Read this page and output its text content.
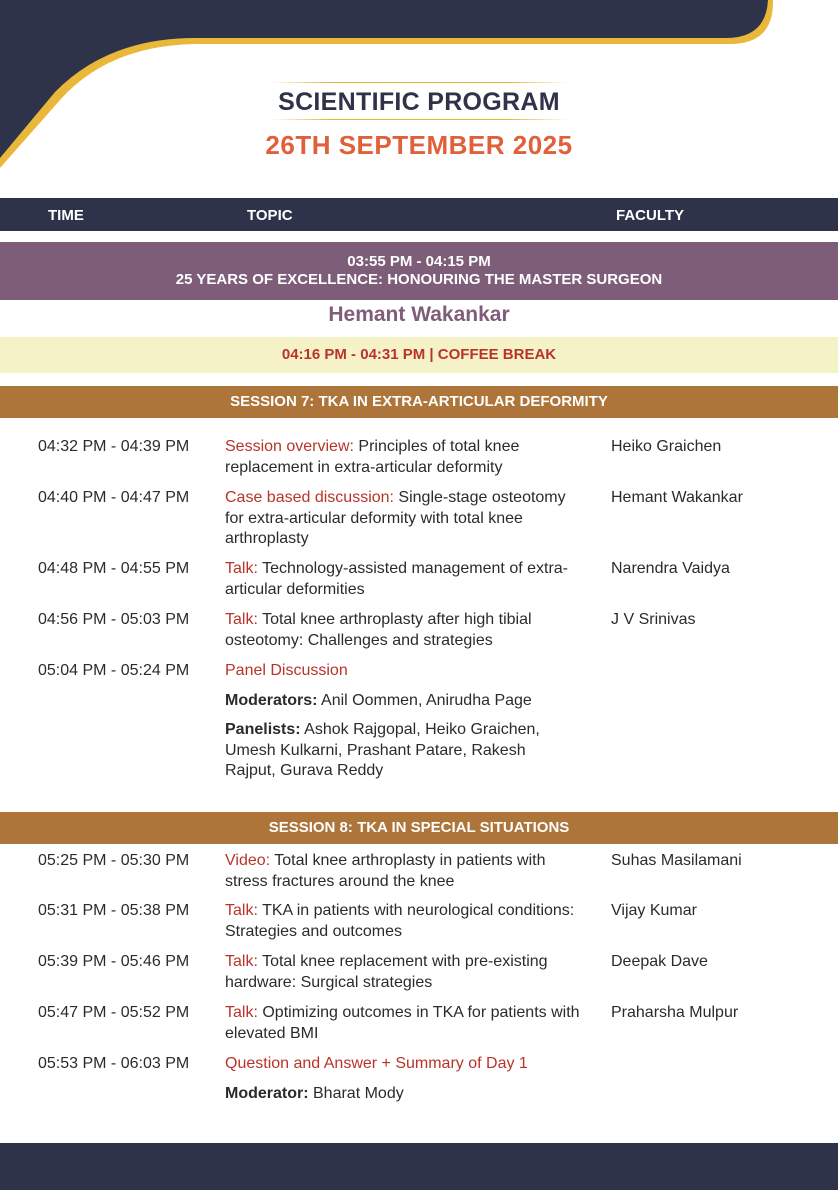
SCIENTIFIC PROGRAM
26TH SEPTEMBER 2025
TIME	TOPIC	FACULTY
03:55 PM - 04:15 PM
25 YEARS OF EXCELLENCE: HONOURING THE MASTER SURGEON
Hemant Wakankar
04:16 PM - 04:31 PM | COFFEE BREAK
SESSION 7: TKA IN EXTRA-ARTICULAR DEFORMITY
04:32 PM - 04:39 PM Session overview: Principles of total knee replacement in extra-articular deformity
Heiko Graichen
04:40 PM - 04:47 PM Case based discussion: Single-stage osteotomy for extra-articular deformity with total knee arthroplasty
Hemant Wakankar
04:48 PM - 04:55 PM Talk: Technology-assisted management of extra-articular deformities
Narendra Vaidya
04:56 PM - 05:03 PM Talk: Total knee arthroplasty after high tibial osteotomy: Challenges and strategies
J V Srinivas
05:04 PM - 05:24 PM Panel Discussion
Moderators: Anil Oommen, Anirudha Page
Panelists: Ashok Rajgopal, Heiko Graichen, Umesh Kulkarni, Prashant Patare, Rakesh Rajput, Gurava Reddy
SESSION 8: TKA IN SPECIAL SITUATIONS
05:25 PM - 05:30 PM Video: Total knee arthroplasty in patients with stress fractures around the knee
Suhas Masilamani
05:31 PM - 05:38 PM Talk: TKA in patients with neurological conditions: Strategies and outcomes
Vijay Kumar
05:39 PM - 05:46 PM Talk: Total knee replacement with pre-existing hardware: Surgical strategies
Deepak Dave
05:47 PM - 05:52 PM Talk: Optimizing outcomes in TKA for patients with elevated BMI
Praharsha Mulpur
05:53 PM - 06:03 PM Question and Answer + Summary of Day 1
Moderator: Bharat Mody
